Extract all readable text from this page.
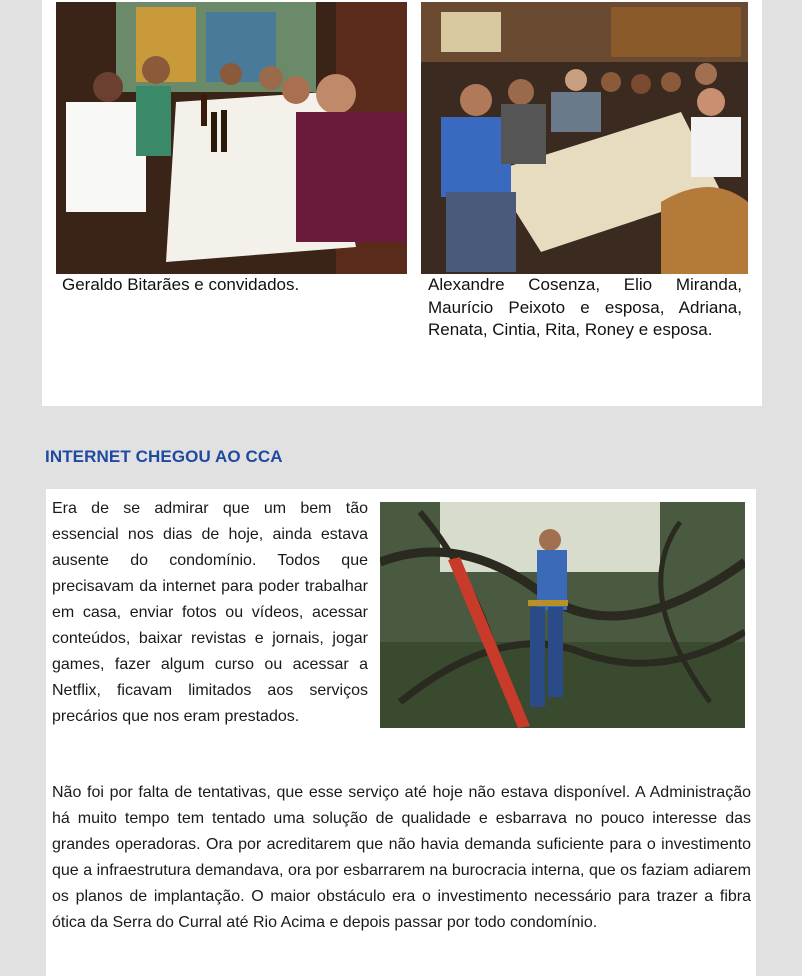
Geraldo Bitarães e convidados.	Alexandre Cosenza, Elio Miranda, Maurício Peixoto e esposa, Adriana, Renata, Cintia, Rita, Roney e esposa.
INTERNET CHEGOU AO CCA

Era de se admirar que um bem tão essencial nos dias de hoje, ainda estava ausente do condomínio. Todos que precisavam da internet para poder trabalhar em casa, enviar fotos ou vídeos, acessar conteúdos, baixar revistas e jornais, jogar games, fazer algum curso ou acessar a Netflix, ficavam limitados aos serviços precários que nos eram prestados.

Não foi por falta de tentativas, que esse serviço até hoje não estava disponível. A Administração há muito tempo tem tentado uma solução de qualidade e esbarrava no pouco interesse das grandes operadoras. Ora por acreditarem que não havia demanda suficiente para o investimento que a infraestrutura demandava, ora por esbarrarem na burocracia interna, que os faziam adiarem os planos de implantação. O maior obstáculo era o investimento necessário para trazer a fibra ótica da Serra do Curral até Rio Acima e depois passar por todo condomínio.
